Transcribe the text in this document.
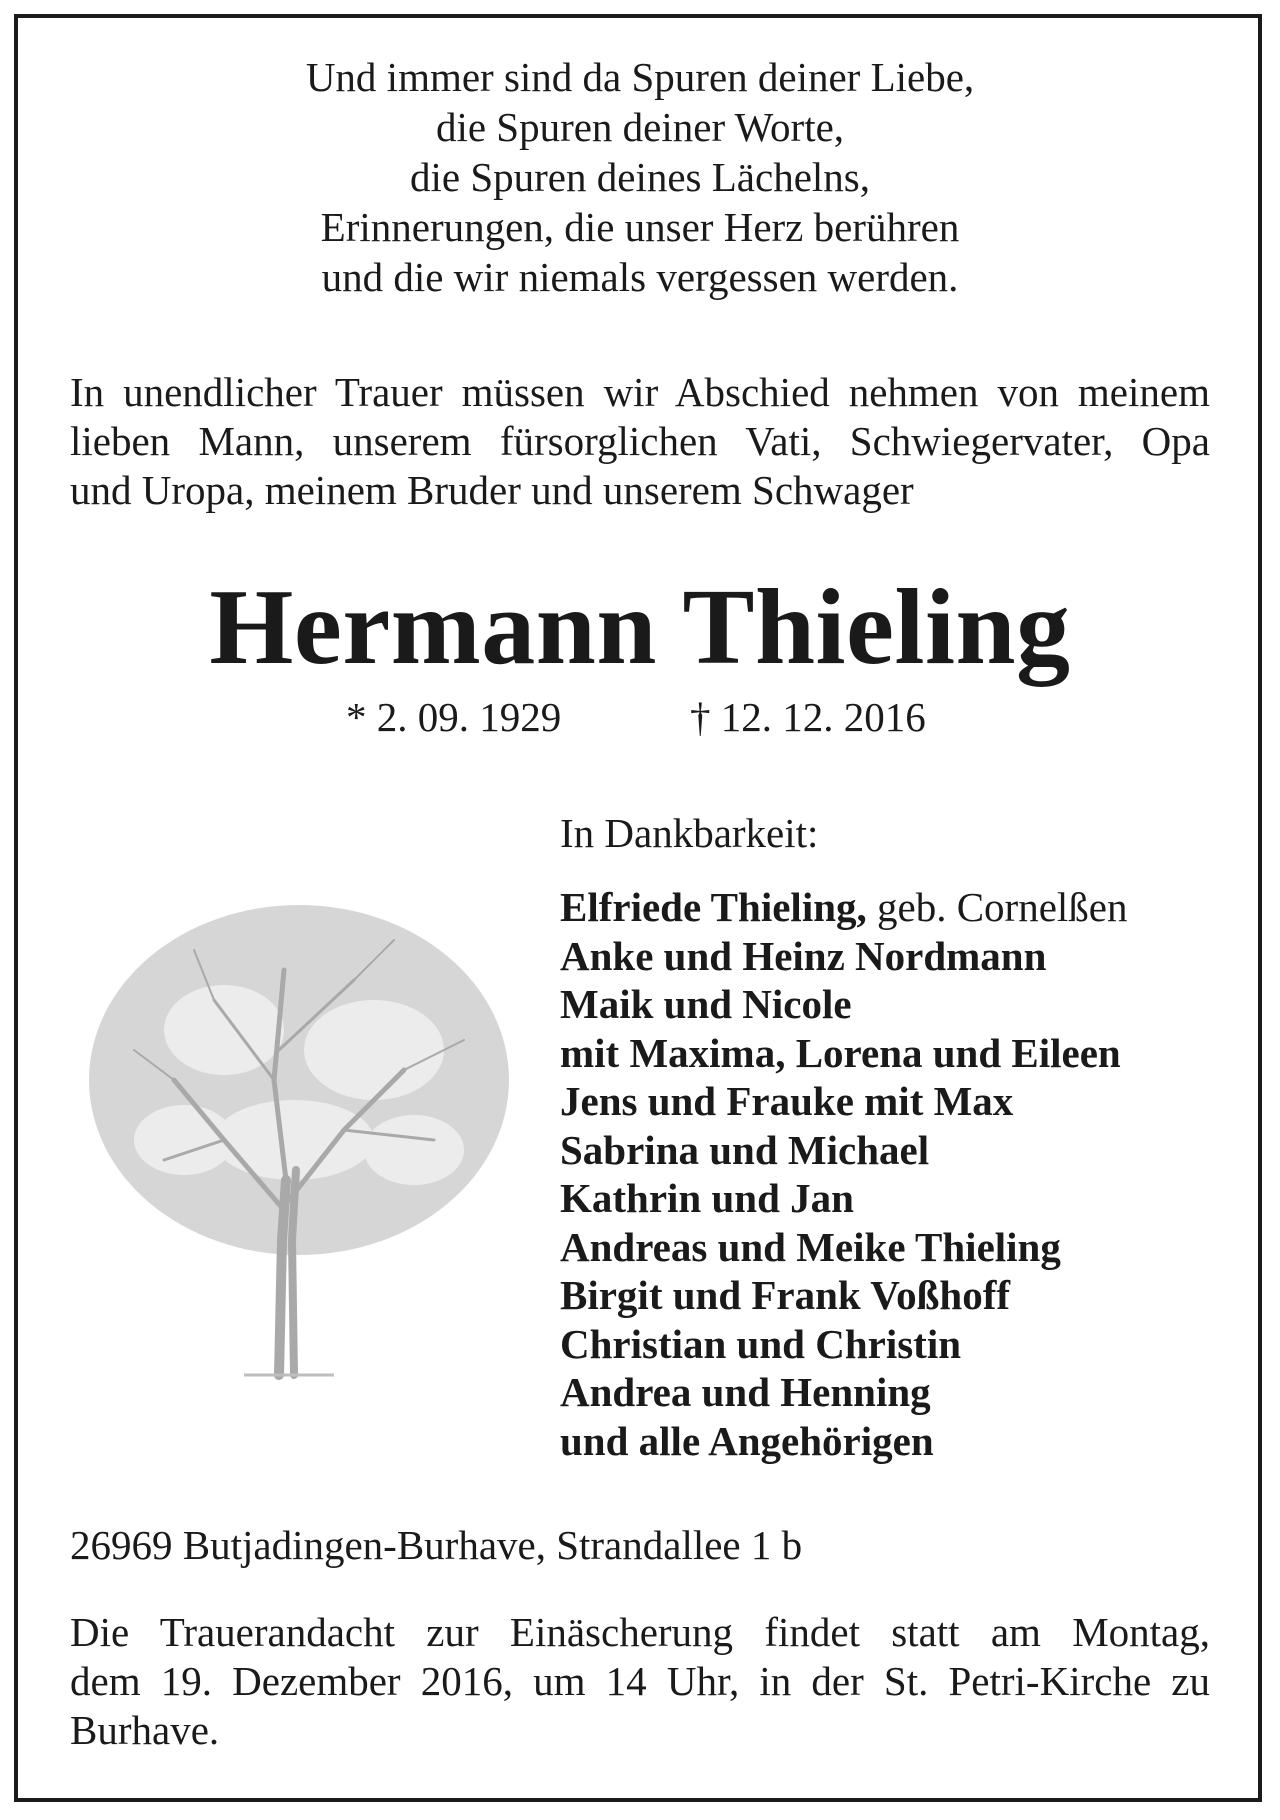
Und immer sind da Spuren deiner Liebe,
die Spuren deiner Worte,
die Spuren deines Lächelns,
Erinnerungen, die unser Herz berühren
und die wir niemals vergessen werden.
In unendlicher Trauer müssen wir Abschied nehmen von meinem
lieben Mann, unserem fürsorglichen Vati, Schwiegervater, Opa
und Uropa, meinem Bruder und unserem Schwager
Hermann Thieling
* 2. 09. 1929	† 12. 12. 2016
In Dankbarkeit:
Elfriede Thieling, geb. Cornelßen
Anke und Heinz Nordmann
Maik und Nicole
mit Maxima, Lorena und Eileen
Jens und Frauke mit Max
Sabrina und Michael
Kathrin und Jan
Andreas und Meike Thieling
Birgit und Frank Voßhoff
Christian und Christin
Andrea und Henning
und alle Angehörigen
26969 Butjadingen-Burhave, Strandallee 1 b
Die Trauerandacht zur Einäscherung findet statt am Montag,
dem 19. Dezember 2016, um 14 Uhr, in der St. Petri-Kirche zu
Burhave.
